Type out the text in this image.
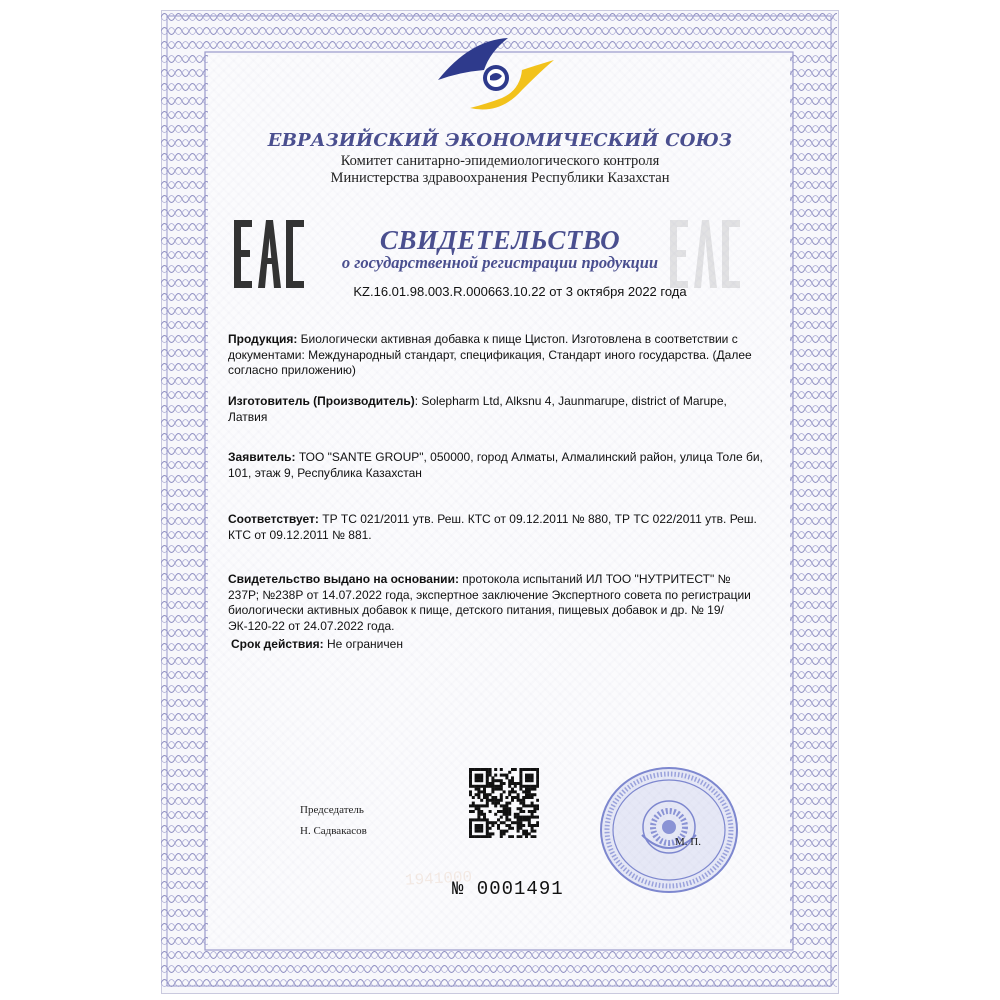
ЕВРАЗИЙСКИЙ ЭКОНОМИЧЕСКИЙ СОЮЗ
Комитет санитарно-эпидемиологического контроля
Министерства здравоохранения Республики Казахстан
СВИДЕТЕЛЬСТВО
о государственной регистрации продукции
KZ.16.01.98.003.R.000663.10.22 от 3 октября 2022 года
Продукция: Биологически активная добавка к пище Цистоп. Изготовлена в соответствии с документами: Международный стандарт, спецификация, Стандарт иного государства. (Далее согласно приложению)
Изготовитель (Производитель): Solepharm Ltd, Alksnu 4, Jaunmarupe, district of Marupe, Латвия
Заявитель: ТОО "SANTE GROUP", 050000, город Алматы, Алмалинский район, улица Толе би, 101, этаж 9, Республика Казахстан
Соответствует: ТР ТС 021/2011 утв. Реш. КТС от 09.12.2011 № 880, ТР ТС 022/2011 утв. Реш. КТС от 09.12.2011 № 881.
Свидетельство выдано на основании: протокола испытаний ИЛ ТОО "НУТРИТЕСТ" № 237Р; №238Р от 14.07.2022 года, экспертное заключение Экспертного совета по регистрации биологически активных добавок к пище, детского питания, пищевых добавок и др. № 19/ЭК-120-22 от 24.07.2022 года.
Срок действия: Не ограничен
Председатель
Н. Садвакасов
М. П.
1941000
№ 0001491
